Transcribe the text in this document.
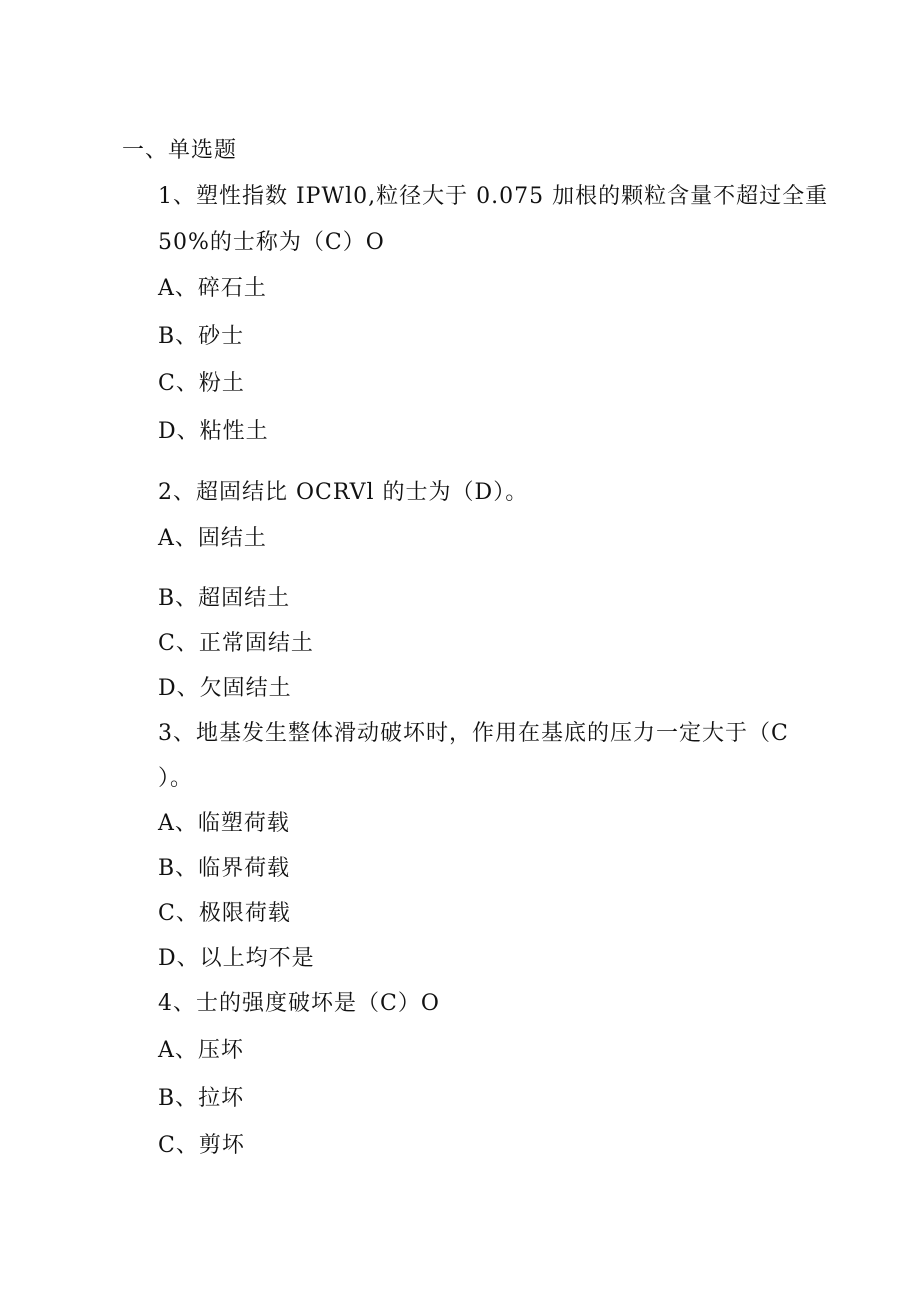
一、单选题
1、塑性指数 IPWl0,粒径大于 0.075 加根的颗粒含量不超过全重
50%的士称为（C）O
A、碎石土
B、砂士
C、粉土
D、粘性土
2、超固结比 OCRVl 的士为（D）。
A、固结土
B、超固结土
C、正常固结土
D、欠固结土
3、地基发生整体滑动破坏时，作用在基底的压力一定大于（C
）。
A、临塑荷载
B、临界荷载
C、极限荷载
D、以上均不是
4、士的强度破坏是（C）O
A、压坏
B、拉坏
C、剪坏
